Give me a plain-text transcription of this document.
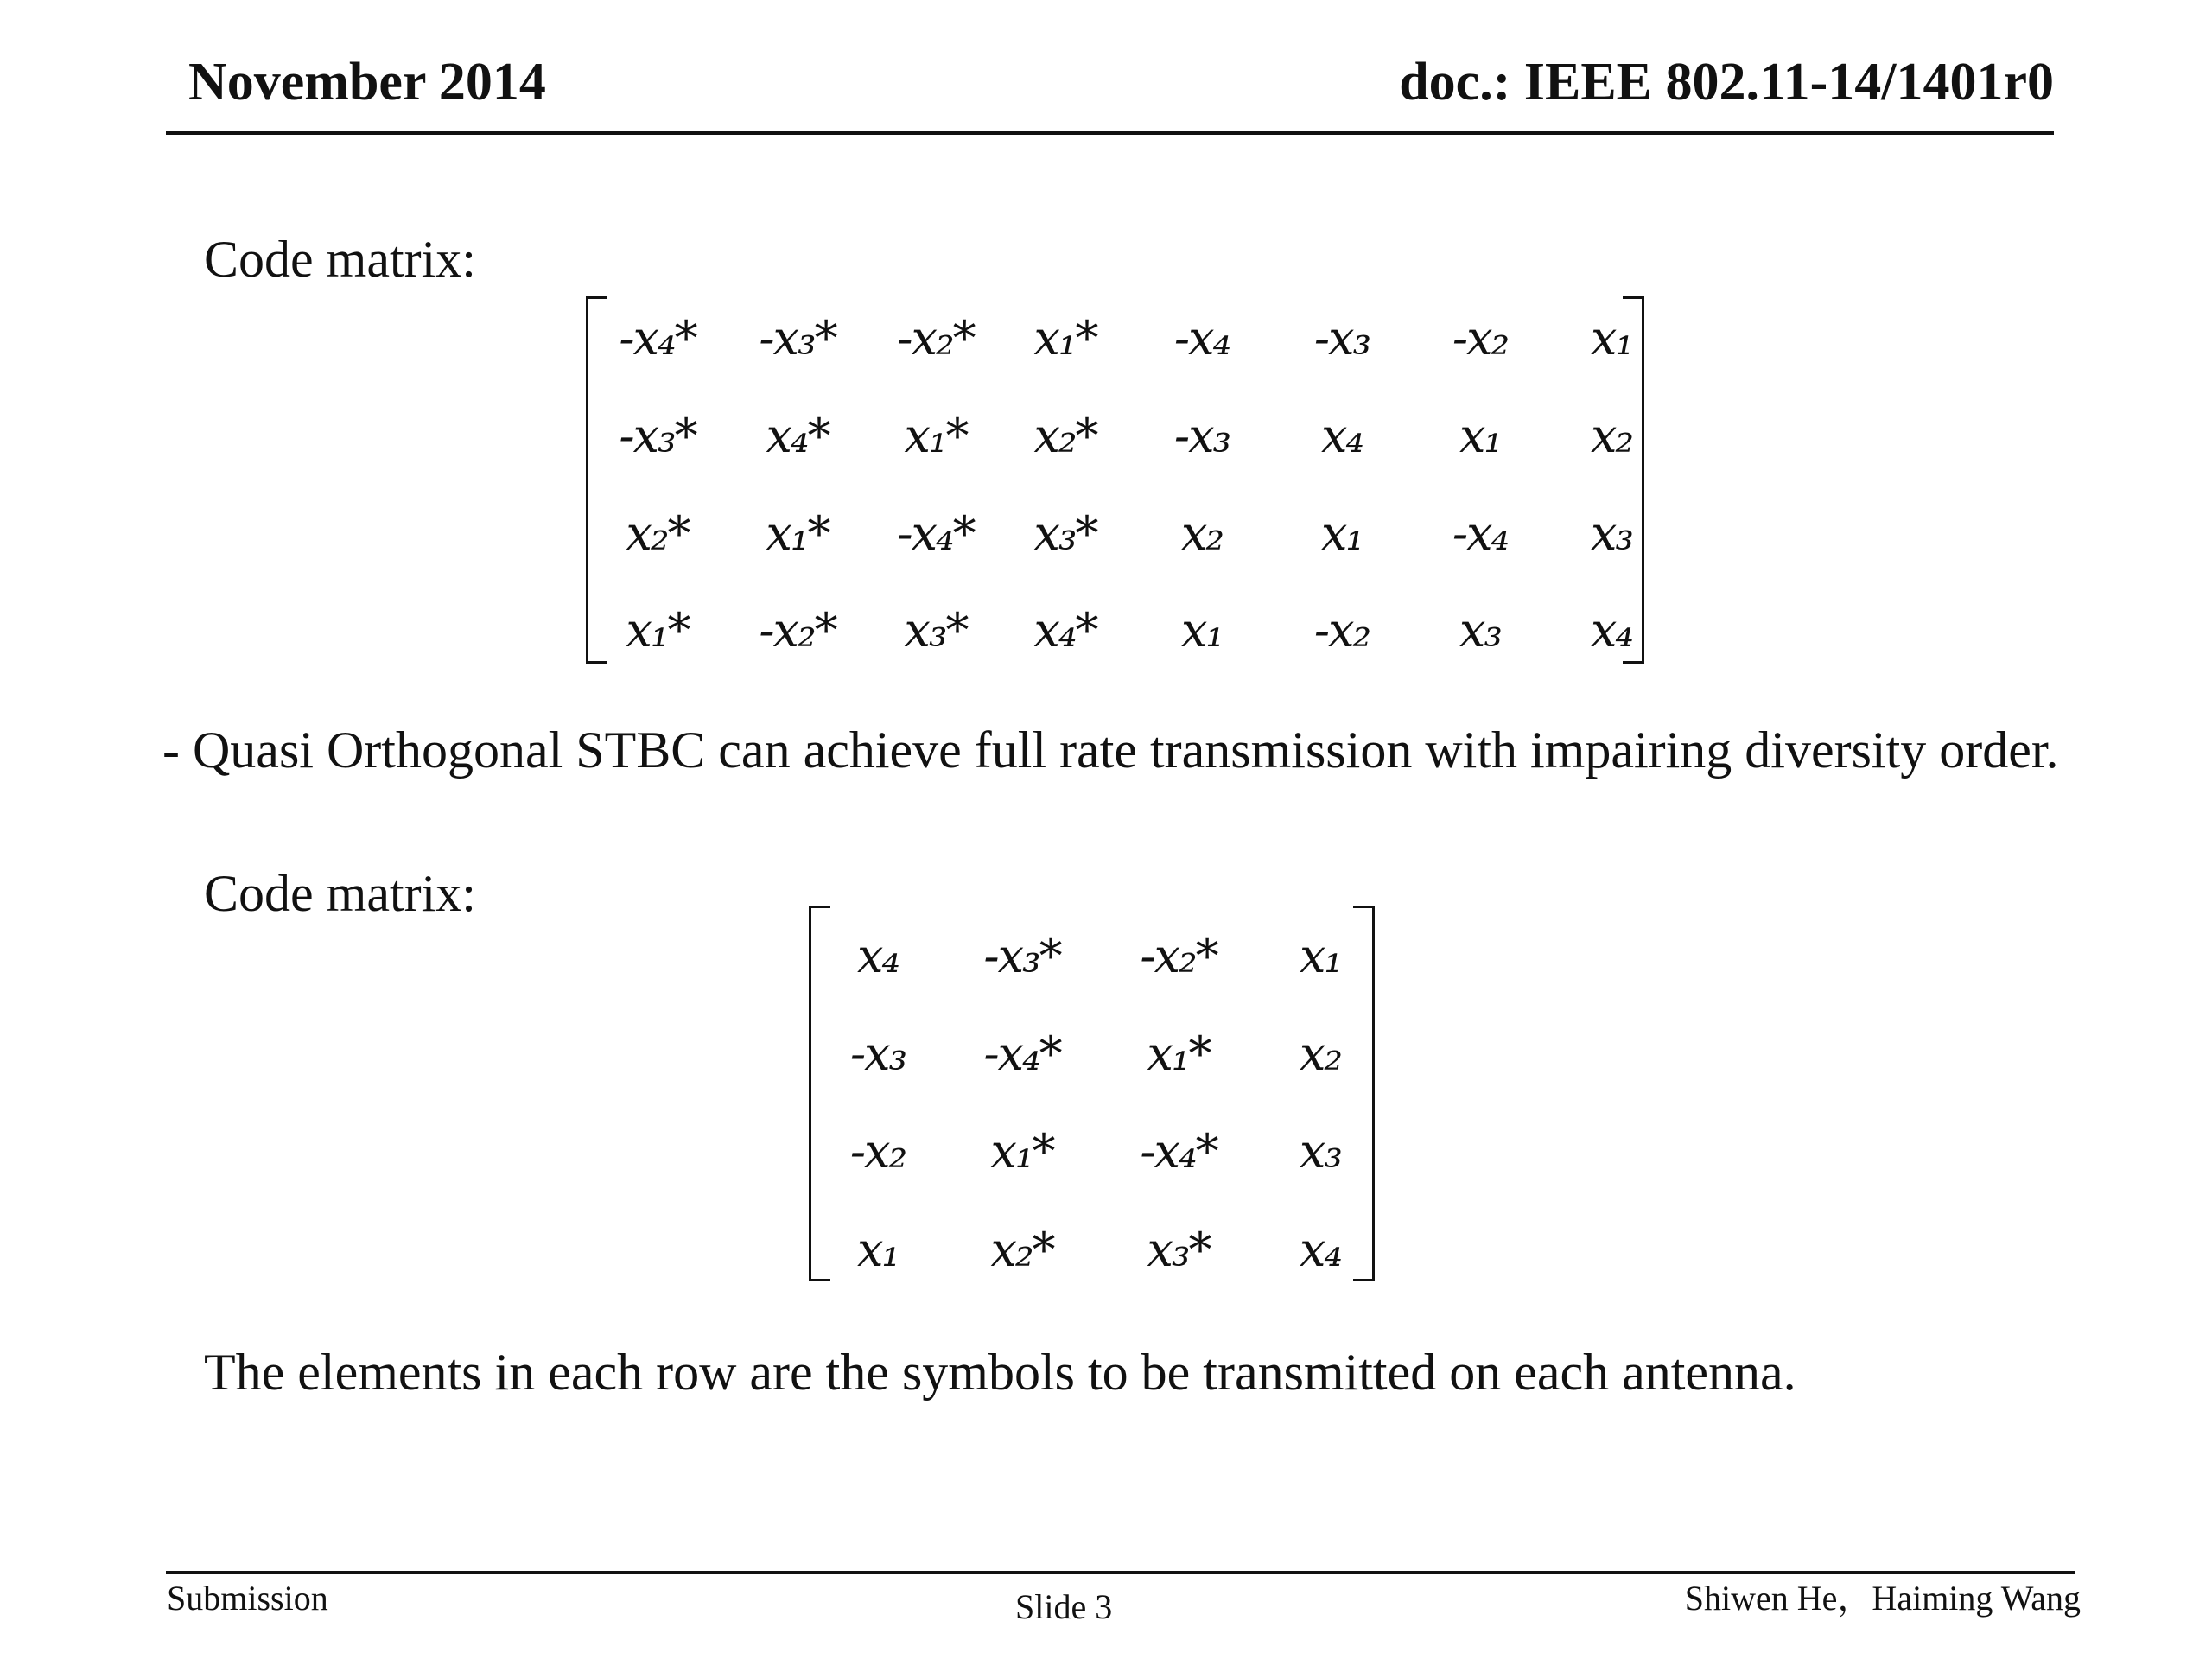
November 2014	doc.: IEEE 802.11-14/1401r0
Code matrix:
-x₄* -x₃* -x₂* x₁* -x₄ -x₃ -x₂ x₁
-x₃* x₄* x₁* x₂* -x₃ x₄ x₁ x₂
x₂* x₁* -x₄* x₃* x₂ x₁ -x₄ x₃
x₁* -x₂* x₃* x₄* x₁ -x₂ x₃ x₄
- Quasi Orthogonal STBC can achieve full rate transmission with impairing diversity order.
Code matrix:
x₄ -x₃* -x₂* x₁
-x₃ -x₄* x₁* x₂
-x₂ x₁* -x₄* x₃
x₁ x₂* x₃* x₄
The elements in each row are the symbols to be transmitted on each antenna.
Submission	Slide 3	Shiwen He，Haiming Wang
